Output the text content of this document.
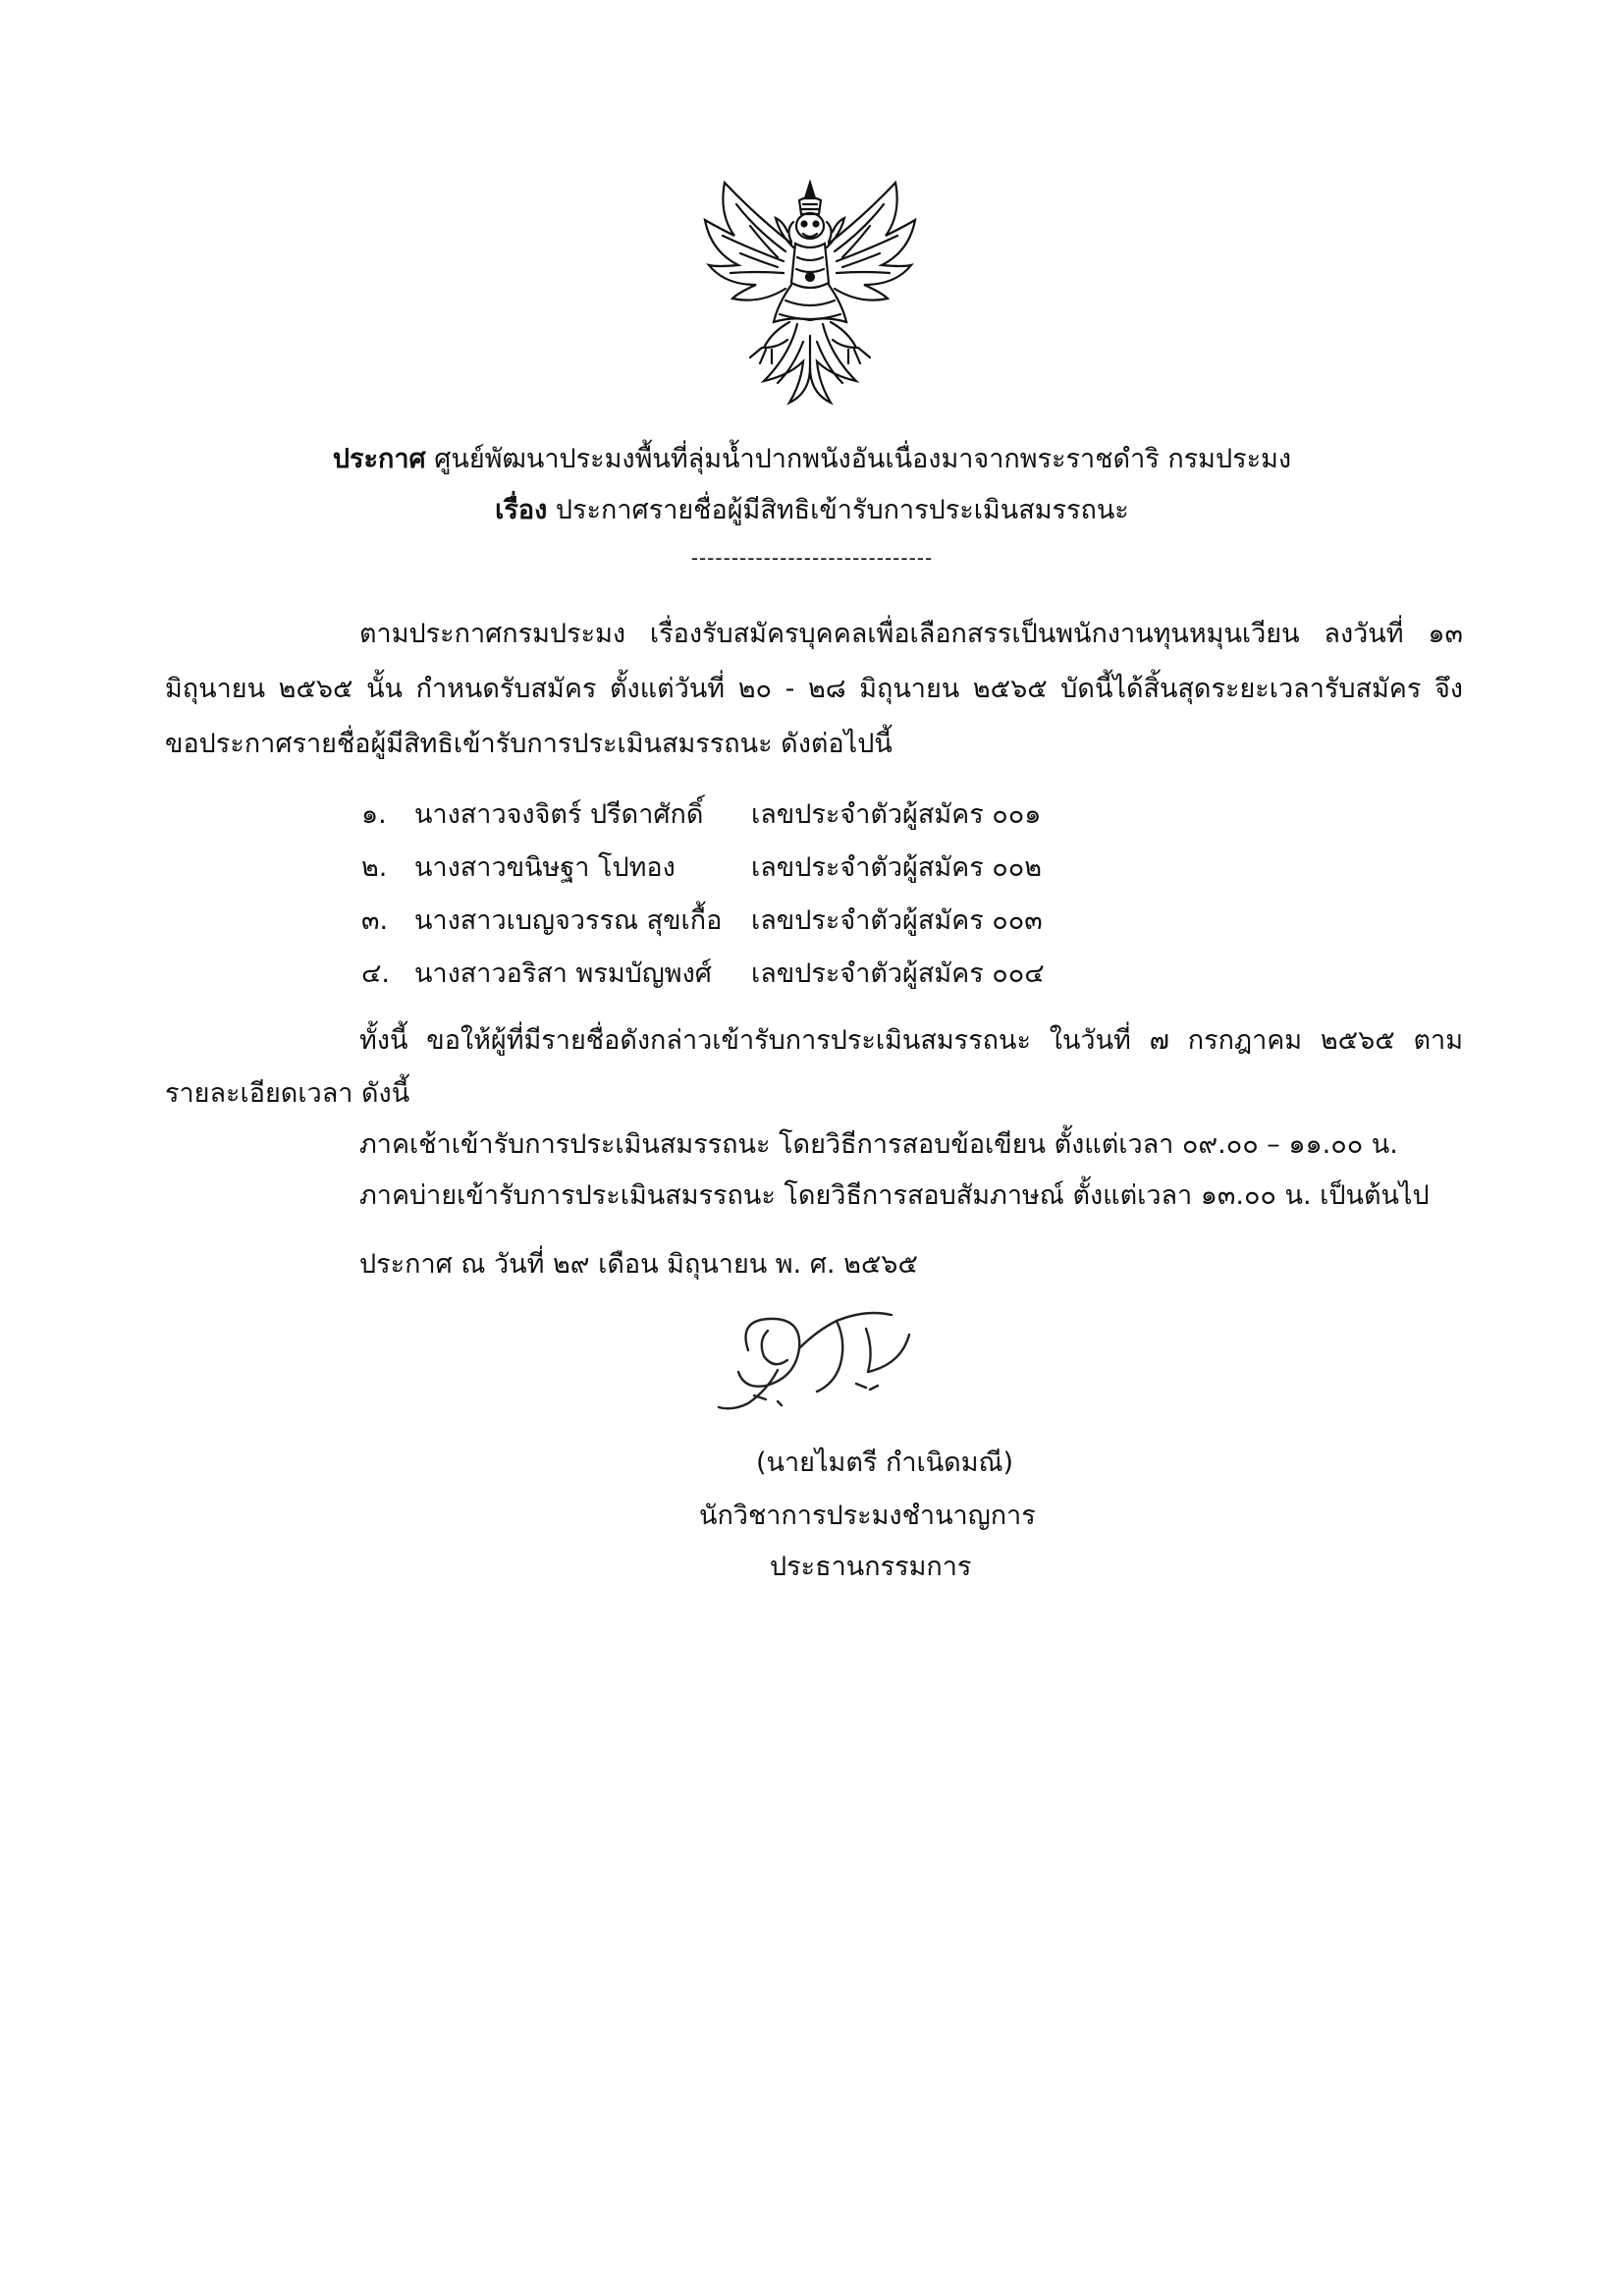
ประกาศ ศูนย์พัฒนาประมงพื้นที่ลุ่มน้ำปากพนังอันเนื่องมาจากพระราชดำริ กรมประมง
เรื่อง ประกาศรายชื่อผู้มีสิทธิเข้ารับการประเมินสมรรถนะ
------------------------------
ตามประกาศกรมประมง เรื่องรับสมัครบุคคลเพื่อเลือกสรรเป็นพนักงานทุนหมุนเวียน ลงวันที่ ๑๓
มิถุนายน ๒๕๖๕ นั้น กำหนดรับสมัคร ตั้งแต่วันที่ ๒๐ - ๒๘ มิถุนายน ๒๕๖๕ บัดนี้ได้สิ้นสุดระยะเวลารับสมัคร จึง
ขอประกาศรายชื่อผู้มีสิทธิเข้ารับการประเมินสมรรถนะ ดังต่อไปนี้
๑. นางสาวจงจิตร์ ปรีดาศักดิ์ เลขประจำตัวผู้สมัคร ๐๐๑
๒. นางสาวขนิษฐา โปทอง	เลขประจำตัวผู้สมัคร ๐๐๒
๓. นางสาวเบญจวรรณ สุขเกื้อ เลขประจำตัวผู้สมัคร ๐๐๓
๔. นางสาวอริสา พรมบัญพงศ์ เลขประจำตัวผู้สมัคร ๐๐๔
ทั้งนี้ ขอให้ผู้ที่มีรายชื่อดังกล่าวเข้ารับการประเมินสมรรถนะ ในวันที่ ๗ กรกฎาคม ๒๕๖๕ ตาม
รายละเอียดเวลา ดังนี้
ภาคเช้าเข้ารับการประเมินสมรรถนะ โดยวิธีการสอบข้อเขียน ตั้งแต่เวลา ๐๙.๐๐ – ๑๑.๐๐ น.
ภาคบ่ายเข้ารับการประเมินสมรรถนะ โดยวิธีการสอบสัมภาษณ์ ตั้งแต่เวลา ๑๓.๐๐ น. เป็นต้นไป
ประกาศ ณ วันที่ ๒๙ เดือน มิถุนายน พ. ศ. ๒๕๖๕
(นายไมตรี กำเนิดมณี)
นักวิชาการประมงชำนาญการ
ประธานกรรมการ
